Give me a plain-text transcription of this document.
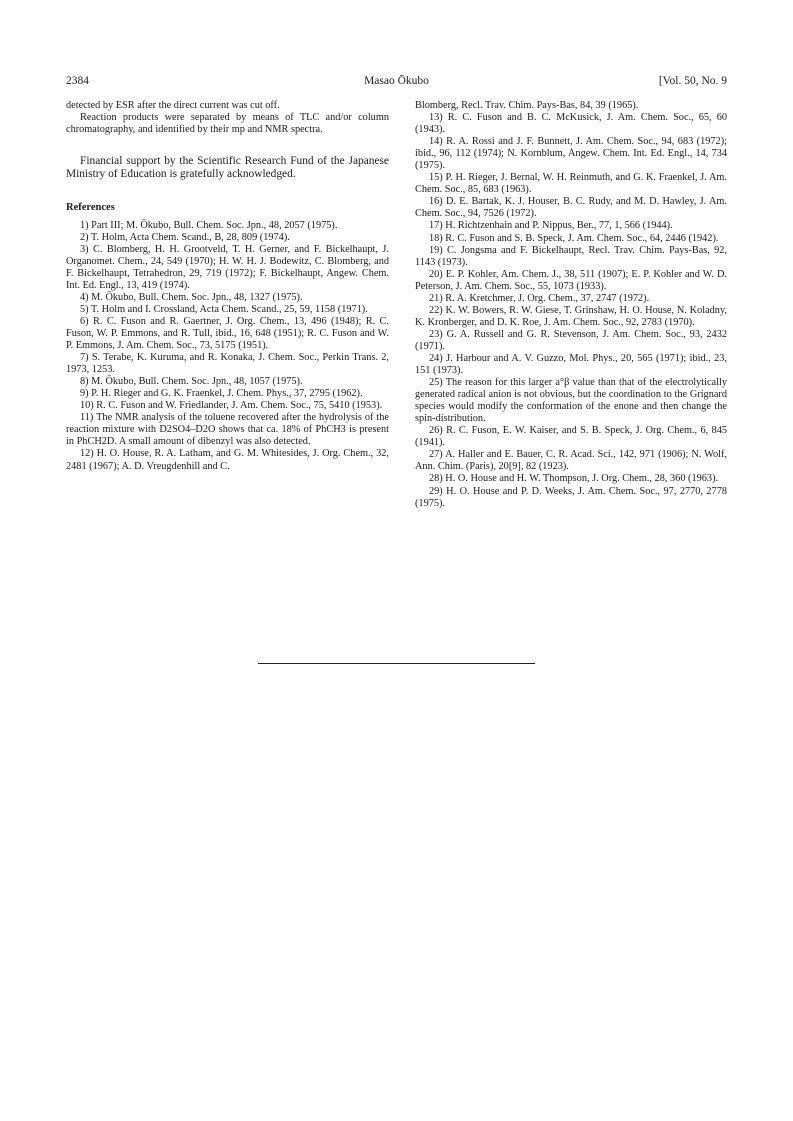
2384	Masao Ōkubo	[Vol. 50, No. 9

detected by ESR after the direct current was cut off.

Reaction products were separated by means of TLC and/or column chromatography, and identified by their mp and NMR spectra.

Financial support by the Scientific Research Fund of the Japanese Ministry of Education is gratefully acknowledged.

References

1) Part III; M. Ōkubo, Bull. Chem. Soc. Jpn., 48, 2057 (1975).

2) T. Holm, Acta Chem. Scand., B, 28, 809 (1974).

3) C. Blomberg, H. H. Grootveld, T. H. Gerner, and F. Bickelhaupt, J. Organomet. Chem., 24, 549 (1970); H. W. H. J. Bodewitz, C. Blomberg, and F. Bickelhaupt, Tetrahedron, 29, 719 (1972); F. Bickelhaupt, Angew. Chem. Int. Ed. Engl., 13, 419 (1974).

4) M. Ōkubo, Bull. Chem. Soc. Jpn., 48, 1327 (1975).

5) T. Holm and I. Crossland, Acta Chem. Scand., 25, 59, 1158 (1971).

6) R. C. Fuson and R. Gaertner, J. Org. Chem., 13, 496 (1948); R. C. Fuson, W. P. Emmons, and R. Tull, ibid., 16, 648 (1951); R. C. Fuson and W. P. Emmons, J. Am. Chem. Soc., 73, 5175 (1951).

7) S. Terabe, K. Kuruma, and R. Konaka, J. Chem. Soc., Perkin Trans. 2, 1973, 1253.

8) M. Ōkubo, Bull. Chem. Soc. Jpn., 48, 1057 (1975).

9) P. H. Rieger and G. K. Fraenkel, J. Chem. Phys., 37, 2795 (1962).

10) R. C. Fuson and W. Friedlander, J. Am. Chem. Soc., 75, 5410 (1953).

11) The NMR analysis of the toluene recovered after the hydrolysis of the reaction mixture with D2SO4–D2O shows that ca. 18% of PhCH3 is present in PhCH2D. A small amount of dibenzyl was also detected.

12) H. O. House, R. A. Latham, and G. M. Whitesides, J. Org. Chem., 32, 2481 (1967); A. D. Vreugdenhill and C.

Blomberg, Recl. Trav. Chim. Pays-Bas, 84, 39 (1965).

13) R. C. Fuson and B. C. McKusick, J. Am. Chem. Soc., 65, 60 (1943).

14) R. A. Rossi and J. F. Bunnett, J. Am. Chem. Soc., 94, 683 (1972); ibid., 96, 112 (1974); N. Kornblum, Angew. Chem. Int. Ed. Engl., 14, 734 (1975).

15) P. H. Rieger, J. Bernal, W. H. Reinmuth, and G. K. Fraenkel, J. Am. Chem. Soc., 85, 683 (1963).

16) D. E. Bartak, K. J. Houser, B. C. Rudy, and M. D. Hawley, J. Am. Chem. Soc., 94, 7526 (1972).

17) H. Richtzenhain and P. Nippus, Ber., 77, 1, 566 (1944).

18) R. C. Fuson and S. B. Speck, J. Am. Chem. Soc., 64, 2446 (1942).

19) C. Jongsma and F. Bickelhaupt, Recl. Trav. Chim. Pays-Bas, 92, 1143 (1973).

20) E. P. Kohler, Am. Chem. J., 38, 511 (1907); E. P. Kohler and W. D. Peterson, J. Am. Chem. Soc., 55, 1073 (1933).

21) R. A. Kretchmer, J. Org. Chem., 37, 2747 (1972).

22) K. W. Bowers, R. W. Giese, T. Grinshaw, H. O. House, N. Koladny, K. Kronberger, and D. K. Roe, J. Am. Chem. Soc., 92, 2783 (1970).

23) G. A. Russell and G. R. Stevenson, J. Am. Chem. Soc., 93, 2432 (1971).

24) J. Harbour and A. V. Guzzo, Mol. Phys., 20, 565 (1971); ibid., 23, 151 (1973).

25) The reason for this larger a°β value than that of the electrolytically generated radical anion is not obvious, but the coordination to the Grignard species would modify the conformation of the enone and then change the spin-distribution.

26) R. C. Fuson, E. W. Kaiser, and S. B. Speck, J. Org. Chem., 6, 845 (1941).

27) A. Haller and E. Bauer, C. R. Acad. Sci., 142, 971 (1906); N. Wolf, Ann. Chim. (Paris), 20[9], 82 (1923).

28) H. O. House and H. W. Thompson, J. Org. Chem., 28, 360 (1963).

29) H. O. House and P. D. Weeks, J. Am. Chem. Soc., 97, 2770, 2778 (1975).
